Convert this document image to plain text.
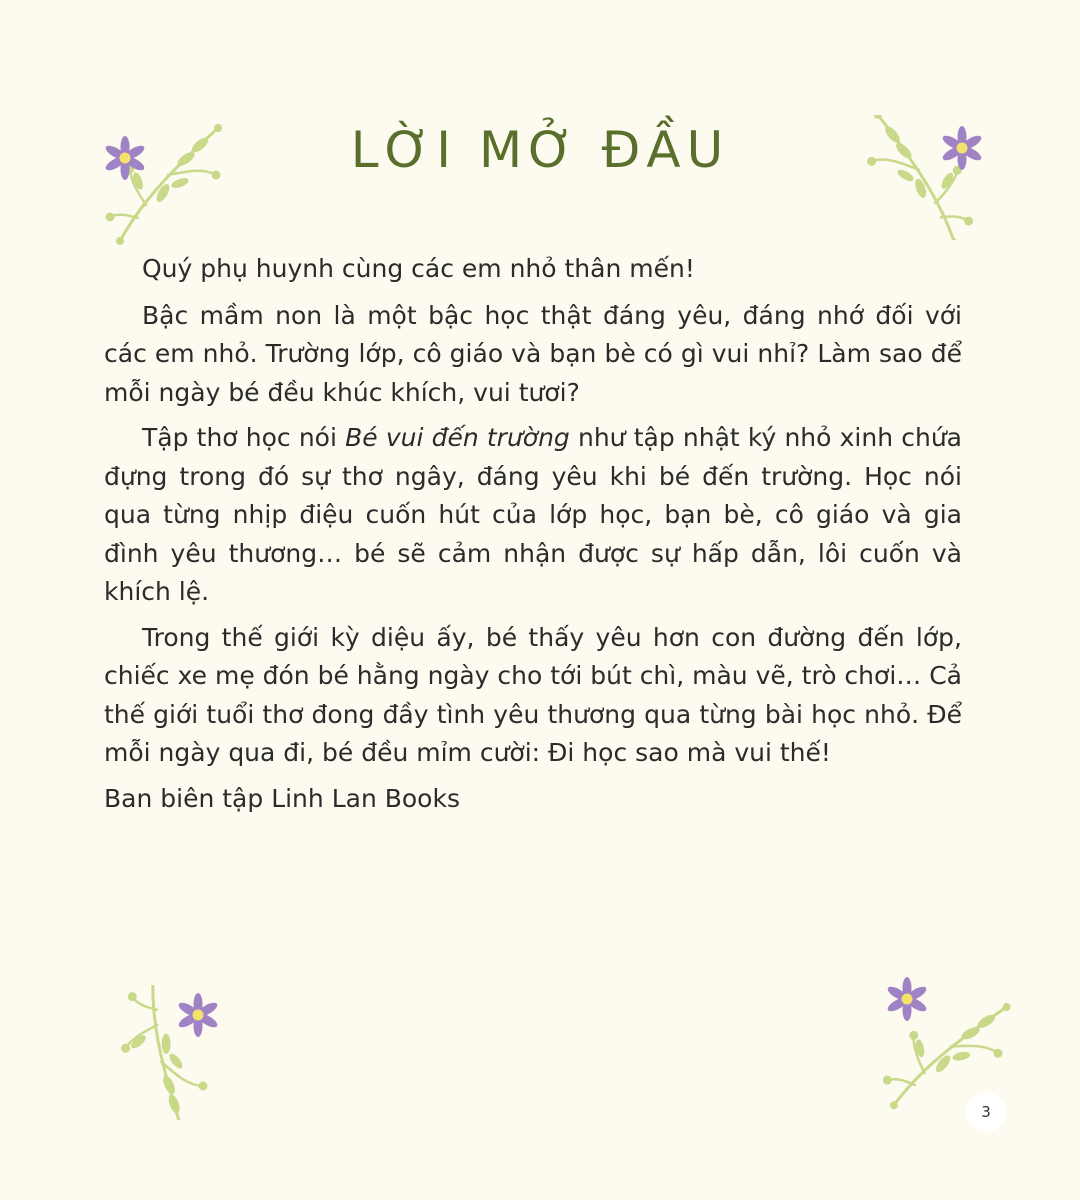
LỜI MỞ ĐẦU

Quý phụ huynh cùng các em nhỏ thân mến!

Bậc mầm non là một bậc học thật đáng yêu, đáng nhớ đối với các em nhỏ. Trường lớp, cô giáo và bạn bè có gì vui nhỉ? Làm sao để mỗi ngày bé đều khúc khích, vui tươi?

Tập thơ học nói Bé vui đến trường như tập nhật ký nhỏ xinh chứa đựng trong đó sự thơ ngây, đáng yêu khi bé đến trường. Học nói qua từng nhịp điệu cuốn hút của lớp học, bạn bè, cô giáo và gia đình yêu thương… bé sẽ cảm nhận được sự hấp dẫn, lôi cuốn và khích lệ.

Trong thế giới kỳ diệu ấy, bé thấy yêu hơn con đường đến lớp, chiếc xe mẹ đón bé hằng ngày cho tới bút chì, màu vẽ, trò chơi… Cả thế giới tuổi thơ đong đầy tình yêu thương qua từng bài học nhỏ. Để mỗi ngày qua đi, bé đều mỉm cười: Đi học sao mà vui thế!

Ban biên tập Linh Lan Books

3
